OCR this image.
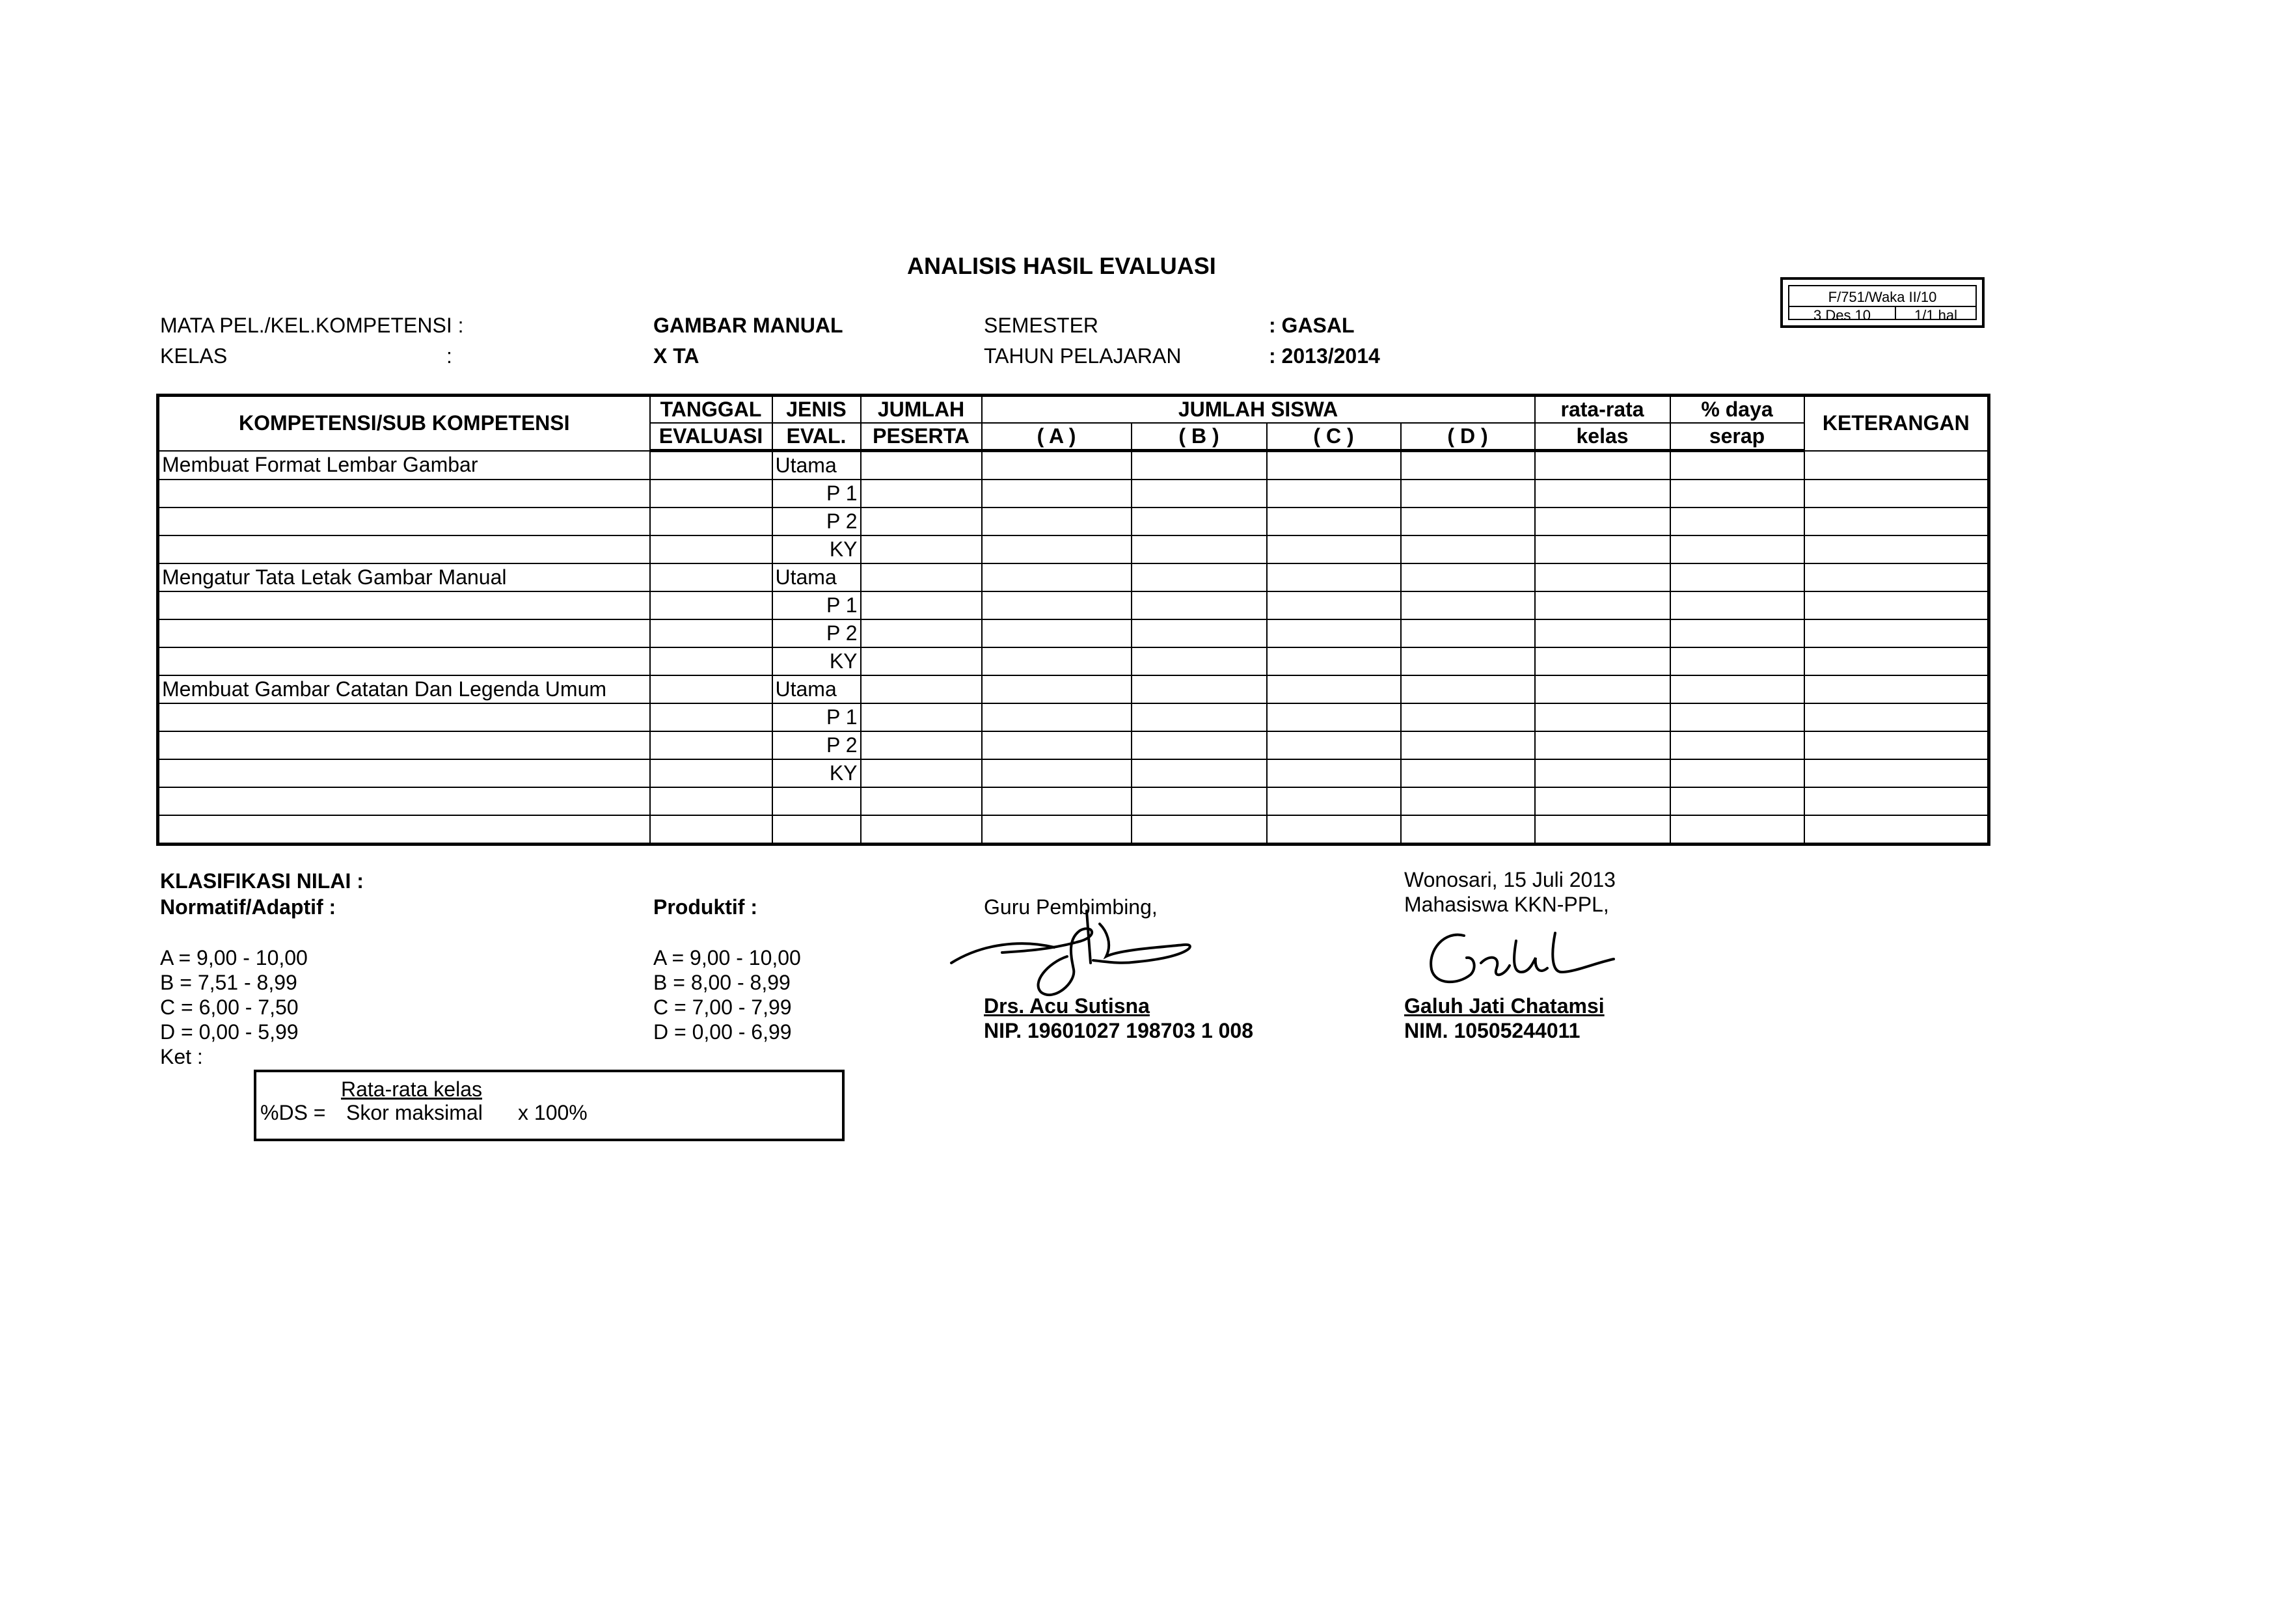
ANALISIS HASIL EVALUASI
F/751/Waka II/10
3 Des 10	1/1 hal
MATA PEL./KEL.KOMPETENSI :	GAMBAR MANUAL	SEMESTER	: GASAL
KELAS	:	X TA	TAHUN PELAJARAN	: 2013/2014
KOMPETENSI/SUB KOMPETENSI	TANGGAL	JENIS	JUMLAH	JUMLAH SISWA				rata-rata	% daya	KETERANGAN
	EVALUASI	EVAL.	PESERTA	( A )	( B )	( C )	( D )	kelas	serap	
Membuat Format Lembar Gambar		Utama								
		P 1								
		P 2								
		KY								
Mengatur Tata Letak Gambar Manual		Utama								
		P 1								
		P 2								
		KY								
Membuat Gambar Catatan Dan Legenda Umum		Utama								
		P 1								
		P 2								
		KY								

KLASIFIKASI NILAI :
Normatif/Adaptif :
A = 9,00 - 10,00
B = 7,51 - 8,99
C = 6,00 - 7,50
D = 0,00 - 5,99
Ket :
Produktif :
A = 9,00 - 10,00
B = 8,00 - 8,99
C = 7,00 - 7,99
D = 0,00 - 6,99
Rata-rata kelas
%DS = Skor maksimal x 100%
Guru Pembimbing,
Drs. Acu Sutisna
NIP. 19601027 198703 1 008
Wonosari, 15 Juli 2013
Mahasiswa KKN-PPL,
Galuh Jati Chatamsi
NIM. 10505244011
